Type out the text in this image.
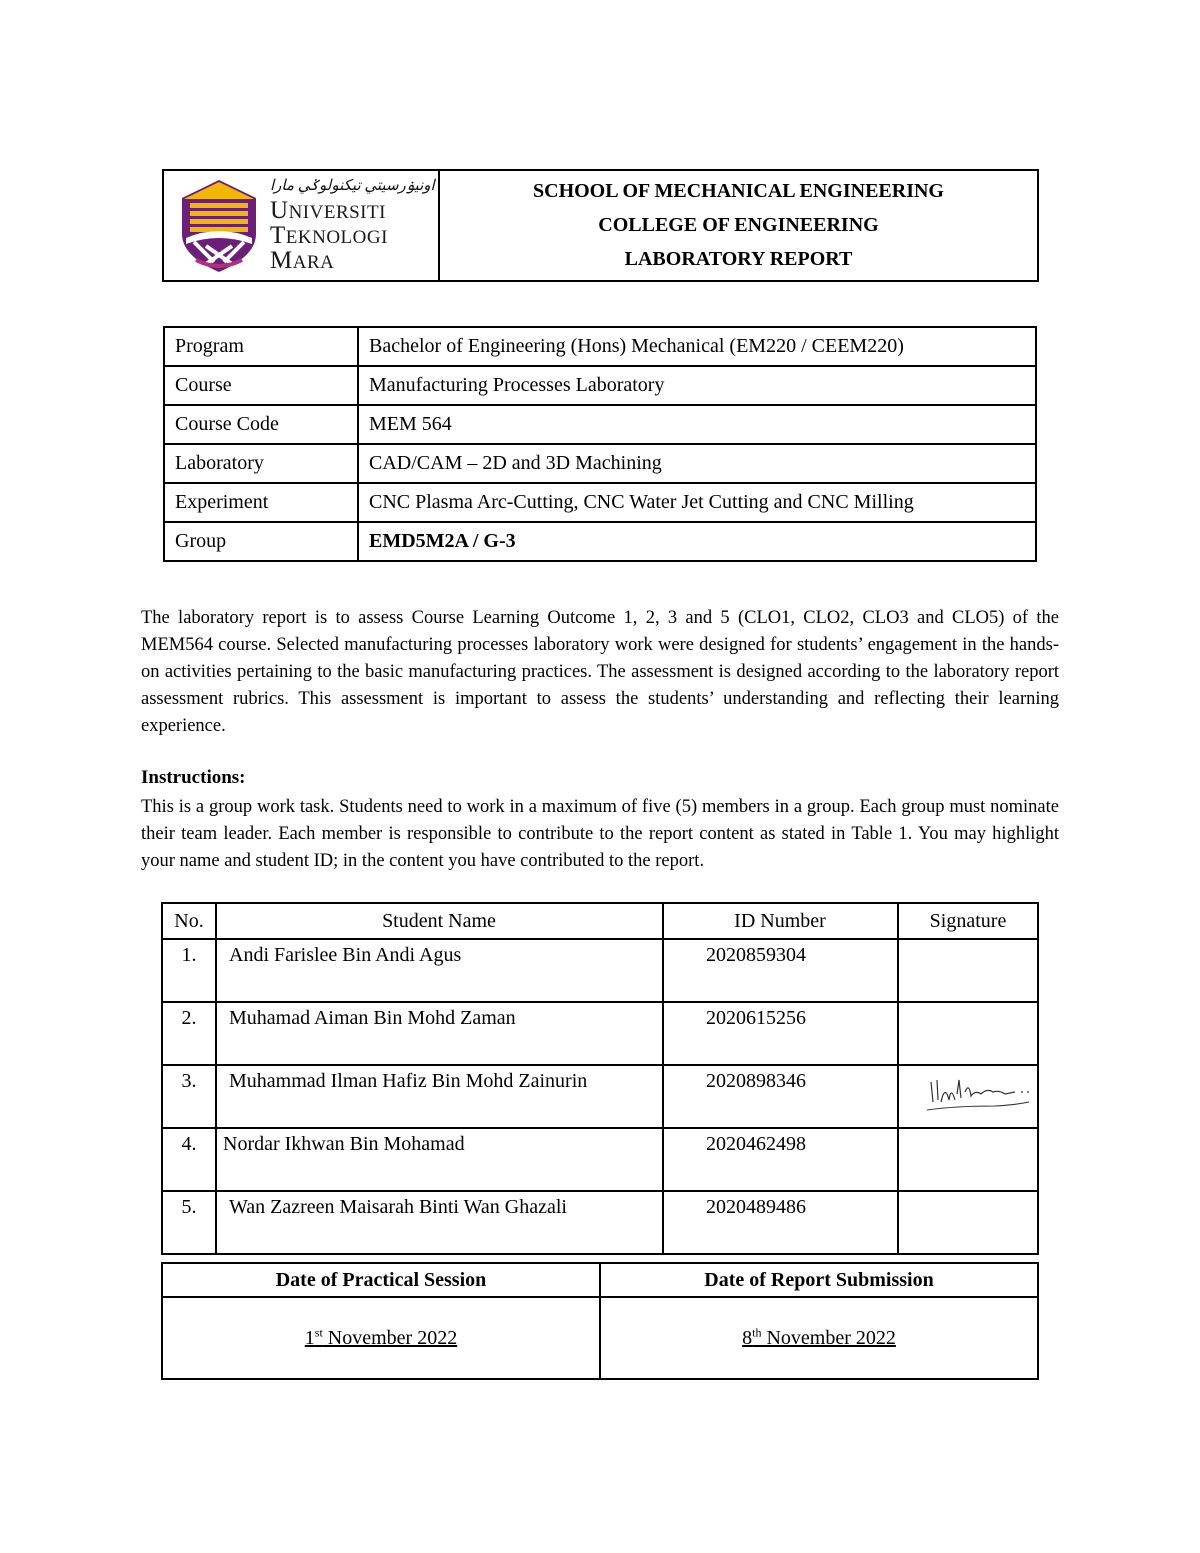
اونيۏرسيتي تيكنولوݢي مارا
UNIVERSITI
TEKNOLOGI
MARA
SCHOOL OF MECHANICAL ENGINEERING
COLLEGE OF ENGINEERING
LABORATORY REPORT
Program	Bachelor of Engineering (Hons) Mechanical (EM220 / CEEM220)
Course	Manufacturing Processes Laboratory
Course Code	MEM 564
Laboratory	CAD/CAM – 2D and 3D Machining
Experiment	CNC Plasma Arc-Cutting, CNC Water Jet Cutting and CNC Milling
Group	EMD5M2A / G-3
The laboratory report is to assess Course Learning Outcome 1, 2, 3 and 5 (CLO1, CLO2, CLO3 and CLO5) of the MEM564 course. Selected manufacturing processes laboratory work were designed for students’ engagement in the hands-on activities pertaining to the basic manufacturing practices. The assessment is designed according to the laboratory report assessment rubrics. This assessment is important to assess the students’ understanding and reflecting their learning experience.
Instructions:
This is a group work task. Students need to work in a maximum of five (5) members in a group. Each group must nominate their team leader. Each member is responsible to contribute to the report content as stated in Table 1. You may highlight your name and student ID; in the content you have contributed to the report.
No.	Student Name	ID Number	Signature
1.	Andi Farislee Bin Andi Agus	2020859304	
2.	Muhamad Aiman Bin Mohd Zaman	2020615256	
3.	Muhammad Ilman Hafiz Bin Mohd Zainurin	2020898346	

4.	Nordar Ikhwan Bin Mohamad	2020462498	
5.	Wan Zazreen Maisarah Binti Wan Ghazali	2020489486	
Date of Practical Session	Date of Report Submission
1st November 2022	8th November 2022
